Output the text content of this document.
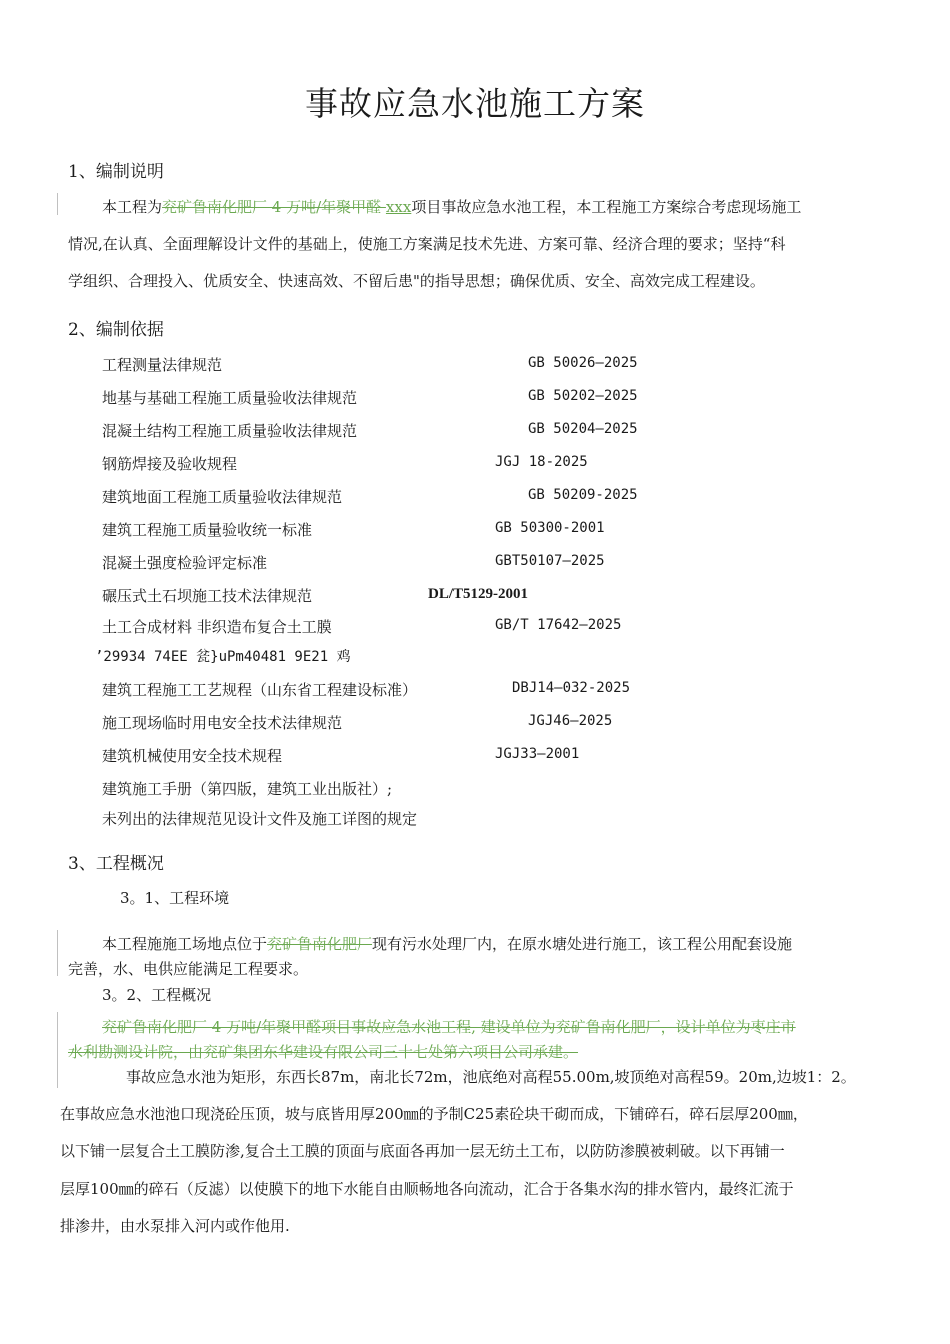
事故应急水池施工方案
1、编制说明
本工程为兖矿鲁南化肥厂 4 万吨/年聚甲醛 xxx项目事故应急水池工程，本工程施工方案综合考虑现场施工
情况,在认真、全面理解设计文件的基础上，使施工方案满足技术先进、方案可靠、经济合理的要求；坚持“科
学组织、合理投入、优质安全、快速高效、不留后患"的指导思想；确保优质、安全、高效完成工程建设。
2、编制依据
工程测量法律规范	GB 50026—2025
地基与基础工程施工质量验收法律规范	GB 50202—2025
混凝土结构工程施工质量验收法律规范	GB 50204—2025
钢筋焊接及验收规程	JGJ 18-2025
建筑地面工程施工质量验收法律规范	GB 50209-2025
建筑工程施工质量验收统一标准	GB 50300-2001
混凝土强度检验评定标准	GBT50107—2025
碾压式土石坝施工技术法律规范	DL/T5129-2001
土工合成材料 非织造布复合土工膜	GB/T 17642—2025
’29934 74EE 瓫}uPm40481 9E21 鸡
建筑工程施工工艺规程（山东省工程建设标准）	DBJ14—032-2025
施工现场临时用电安全技术法律规范	JGJ46—2025
建筑机械使用安全技术规程	JGJ33—2001
建筑施工手册（第四版，建筑工业出版社）;
未列出的法律规范见设计文件及施工详图的规定
3、工程概况
3。1、工程环境
本工程施施工场地点位于兖矿鲁南化肥厂现有污水处理厂内，在原水塘处进行施工，该工程公用配套设施
完善，水、电供应能满足工程要求。
3。2、工程概况
兖矿鲁南化肥厂 4 万吨/年聚甲醛项目事故应急水池工程, 建设单位为兖矿鲁南化肥厂，设计单位为枣庄市
水利勘测设计院，由兖矿集团东华建设有限公司三十七处第六项目公司承建。
事故应急水池为矩形，东西长87m，南北长72m，池底绝对高程55.00m,坡顶绝对高程59。20m,边坡1：2。
在事故应急水池池口现浇砼压顶，坡与底皆用厚200㎜的予制C25素砼块干砌而成，下铺碎石，碎石层厚200㎜，
以下铺一层复合土工膜防渗,复合土工膜的顶面与底面各再加一层无纺土工布，以防防渗膜被刺破。以下再铺一
层厚100㎜的碎石（反滤）以使膜下的地下水能自由顺畅地各向流动，汇合于各集水沟的排水管内，最终汇流于
排渗井，由水泵排入河内或作他用.
